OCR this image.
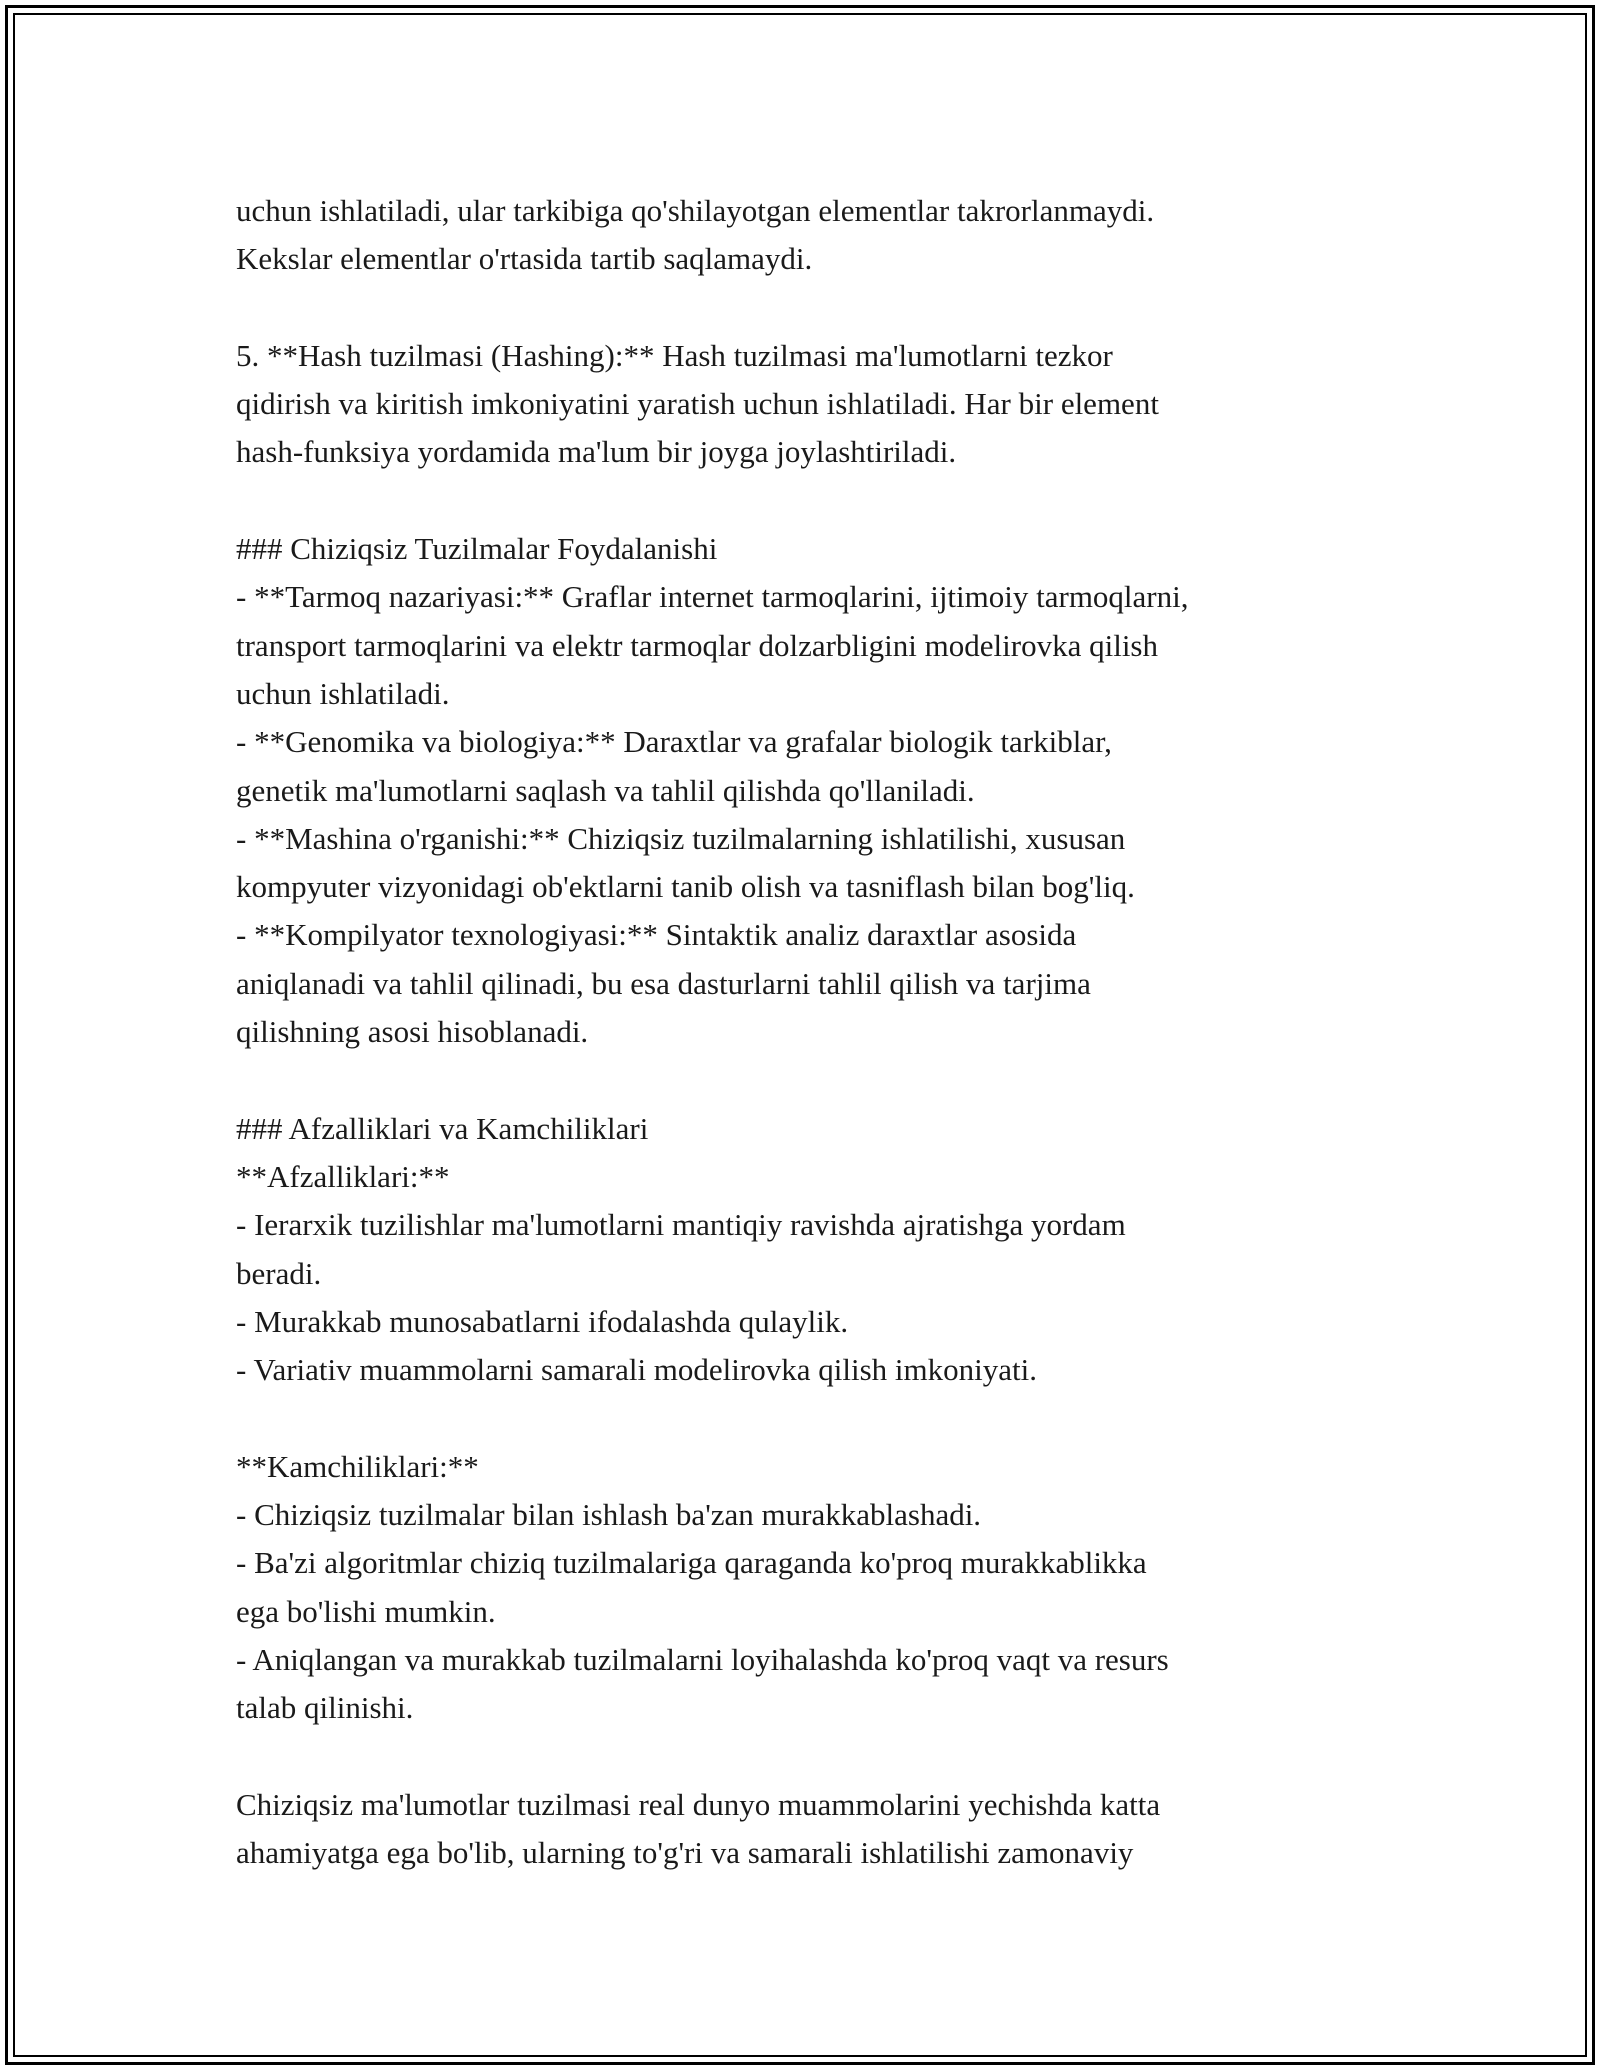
uchun ishlatiladi, ular tarkibiga qo'shilayotgan elementlar takrorlanmaydi.
Kekslar elementlar o'rtasida tartib saqlamaydi.
5. **Hash tuzilmasi (Hashing):** Hash tuzilmasi ma'lumotlarni tezkor
qidirish va kiritish imkoniyatini yaratish uchun ishlatiladi. Har bir element
hash-funksiya yordamida ma'lum bir joyga joylashtiriladi.
### Chiziqsiz Tuzilmalar Foydalanishi
- **Tarmoq nazariyasi:** Graflar internet tarmoqlarini, ijtimoiy tarmoqlarni,
transport tarmoqlarini va elektr tarmoqlar dolzarbligini modelirovka qilish
uchun ishlatiladi.
- **Genomika va biologiya:** Daraxtlar va grafalar biologik tarkiblar,
genetik ma'lumotlarni saqlash va tahlil qilishda qo'llaniladi.
- **Mashina o'rganishi:** Chiziqsiz tuzilmalarning ishlatilishi, xususan
kompyuter vizyonidagi ob'ektlarni tanib olish va tasniflash bilan bog'liq.
- **Kompilyator texnologiyasi:** Sintaktik analiz daraxtlar asosida
aniqlanadi va tahlil qilinadi, bu esa dasturlarni tahlil qilish va tarjima
qilishning asosi hisoblanadi.
### Afzalliklari va Kamchiliklari
**Afzalliklari:**
- Ierarxik tuzilishlar ma'lumotlarni mantiqiy ravishda ajratishga yordam
beradi.
- Murakkab munosabatlarni ifodalashda qulaylik.
- Variativ muammolarni samarali modelirovka qilish imkoniyati.
**Kamchiliklari:**
- Chiziqsiz tuzilmalar bilan ishlash ba'zan murakkablashadi.
- Ba'zi algoritmlar chiziq tuzilmalariga qaraganda ko'proq murakkablikka
ega bo'lishi mumkin.
- Aniqlangan va murakkab tuzilmalarni loyihalashda ko'proq vaqt va resurs
talab qilinishi.
Chiziqsiz ma'lumotlar tuzilmasi real dunyo muammolarini yechishda katta
ahamiyatga ega bo'lib, ularning to'g'ri va samarali ishlatilishi zamonaviy
